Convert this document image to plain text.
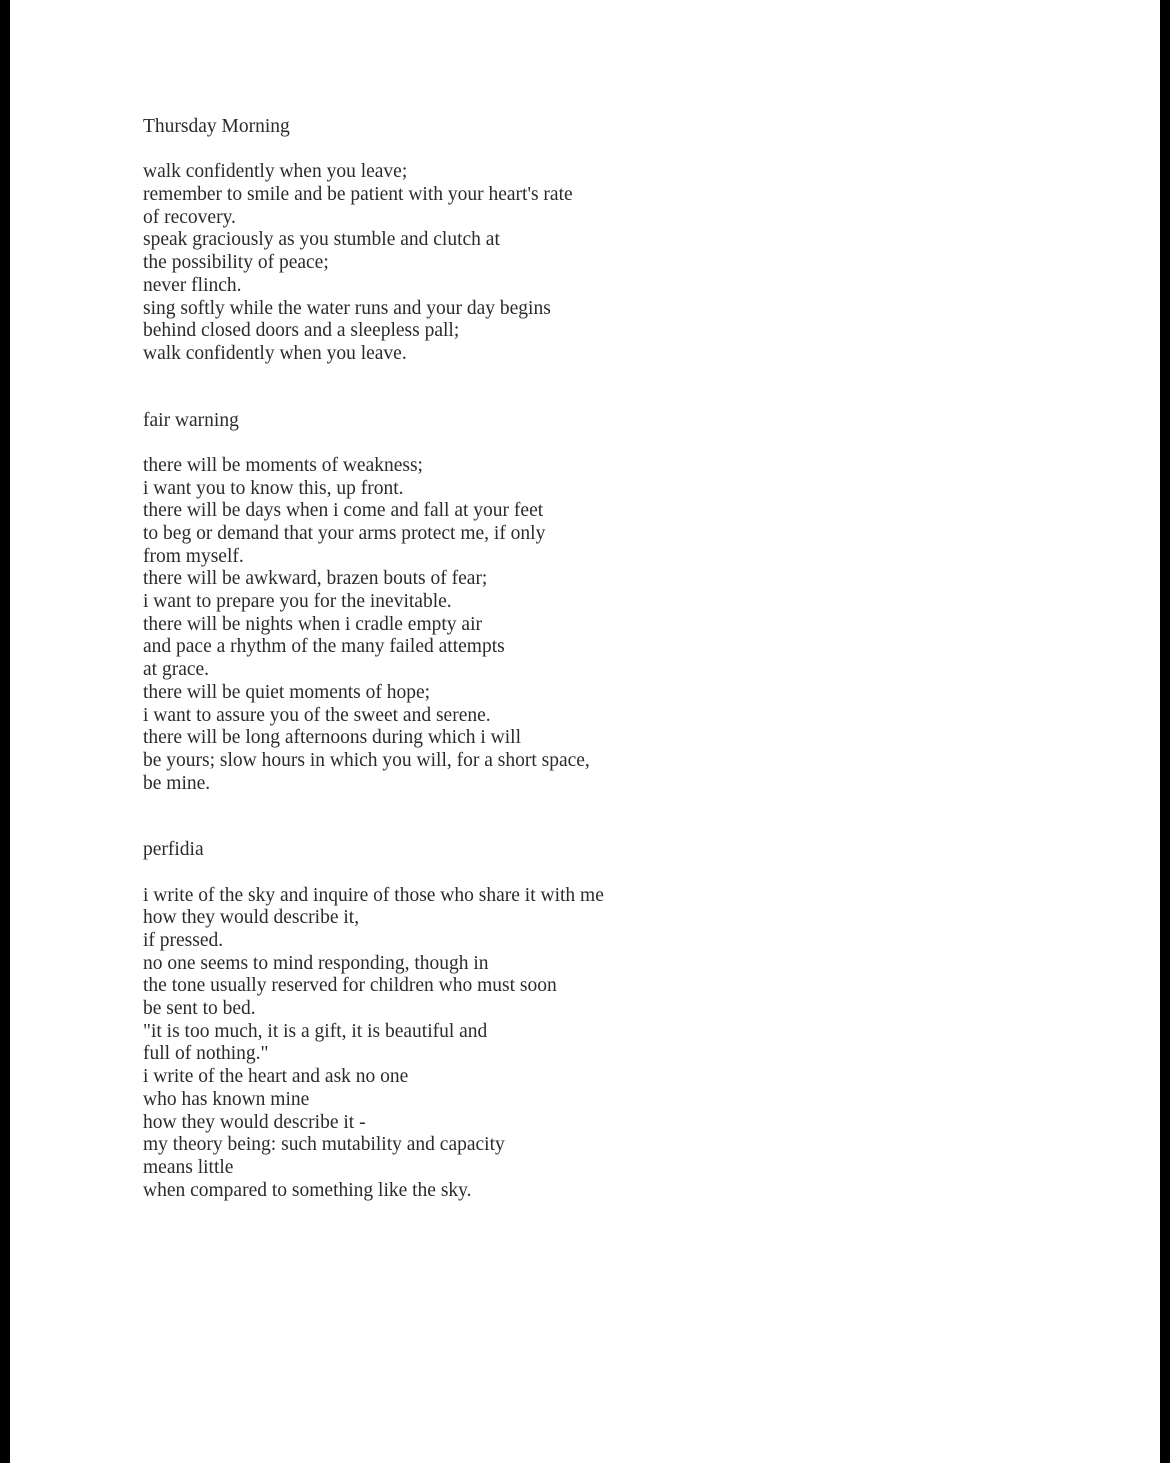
Thursday Morning
walk confidently when you leave;
remember to smile and be patient with your heart's rate
of recovery.
speak graciously as you stumble and clutch at
the possibility of peace;
never flinch.
sing softly while the water runs and your day begins
behind closed doors and a sleepless pall;
walk confidently when you leave.
fair warning
there will be moments of weakness;
i want you to know this, up front.
there will be days when i come and fall at your feet
to beg or demand that your arms protect me, if only
from myself.
there will be awkward, brazen bouts of fear;
i want to prepare you for the inevitable.
there will be nights when i cradle empty air
and pace a rhythm of the many failed attempts
at grace.
there will be quiet moments of hope;
i want to assure you of the sweet and serene.
there will be long afternoons during which i will
be yours; slow hours in which you will, for a short space,
be mine.
perfidia
i write of the sky and inquire of those who share it with me
how they would describe it,
if pressed.
no one seems to mind responding, though in
the tone usually reserved for children who must soon
be sent to bed.
"it is too much, it is a gift, it is beautiful and
full of nothing."
i write of the heart and ask no one
who has known mine
how they would describe it -
my theory being: such mutability and capacity
means little
when compared to something like the sky.
